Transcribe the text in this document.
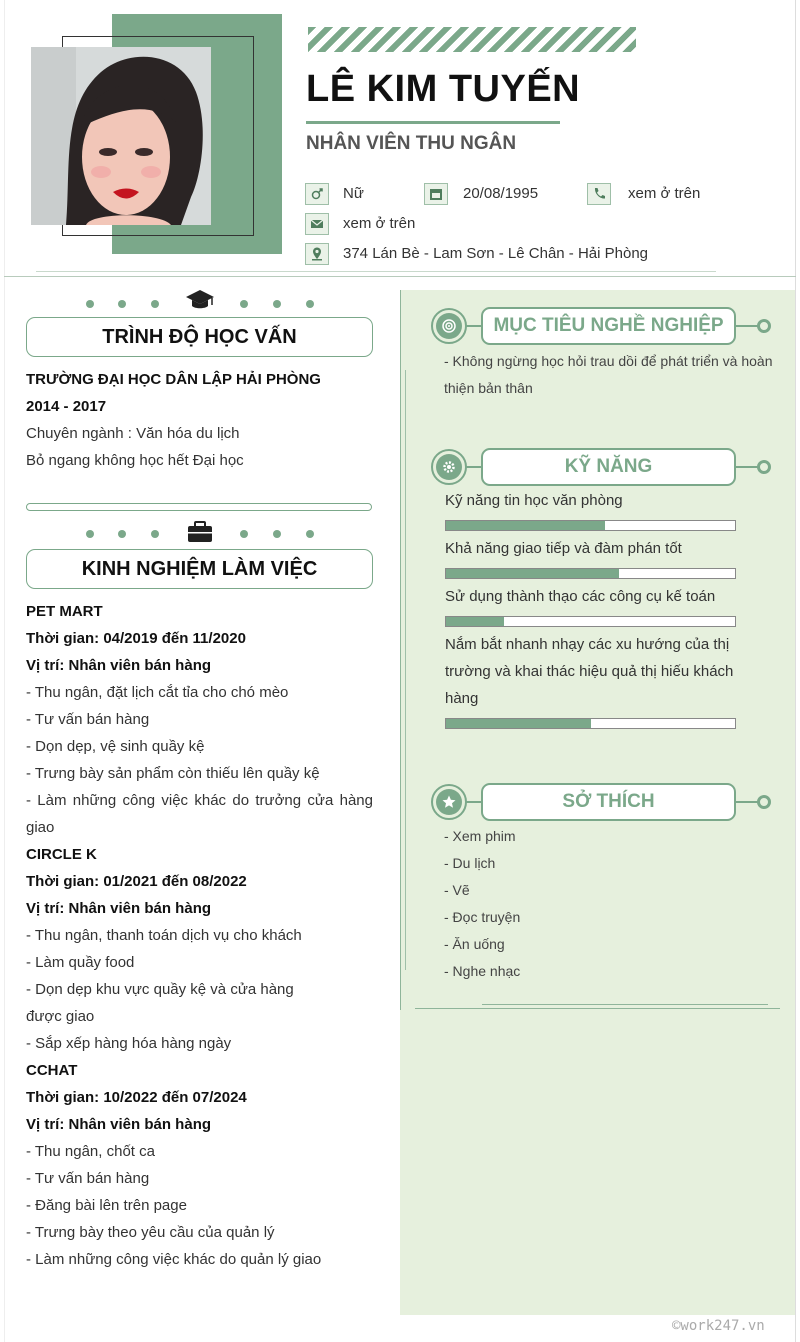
LÊ KIM TUYẾN
NHÂN VIÊN THU NGÂN
Nữ	20/08/1995	xem ở trên
xem ở trên
374 Lán Bè - Lam Sơn - Lê Chân - Hải Phòng
MỤC TIÊU NGHỀ NGHIỆP
- Không ngừng học hỏi trau dồi để phát triển và hoàn
thiện bản thân
KỸ NĂNG
Kỹ năng tin học văn phòng
Khả năng giao tiếp và đàm phán tốt
Sử dụng thành thạo các công cụ kế toán
Nắm bắt nhanh nhạy các xu hướng của thị trường và khai thác hiệu quả thị hiếu khách hàng
SỞ THÍCH
- Xem phim
- Du lịch
- Vẽ
- Đọc truyện
- Ăn uống
- Nghe nhạc
TRÌNH ĐỘ HỌC VẤN
TRƯỜNG ĐẠI HỌC DÂN LẬP HẢI PHÒNG
2014 - 2017
Chuyên ngành : Văn hóa du lịch
Bỏ ngang không học hết Đại học
KINH NGHIỆM LÀM VIỆC
PET MART
Thời gian: 04/2019 đến 11/2020
Vị trí: Nhân viên bán hàng
- Thu ngân, đặt lịch cắt tỉa cho chó mèo
- Tư vấn bán hàng
- Dọn dẹp, vệ sinh quầy kệ
- Trưng bày sản phẩm còn thiếu lên quầy kệ
- Làm những công việc khác do trưởng cửa hàng
giao
CIRCLE K
Thời gian: 01/2021 đến 08/2022
Vị trí: Nhân viên bán hàng
- Thu ngân, thanh toán dịch vụ cho khách
- Làm quầy food
- Dọn dẹp khu vực quầy kệ và cửa hàng
được giao
- Sắp xếp hàng hóa hàng ngày
CCHAT
Thời gian: 10/2022 đến 07/2024
Vị trí: Nhân viên bán hàng
- Thu ngân, chốt ca
- Tư vấn bán hàng
- Đăng bài lên trên page
- Trưng bày theo yêu cầu của quản lý
- Làm những công việc khác do quản lý giao
©work247.vn
